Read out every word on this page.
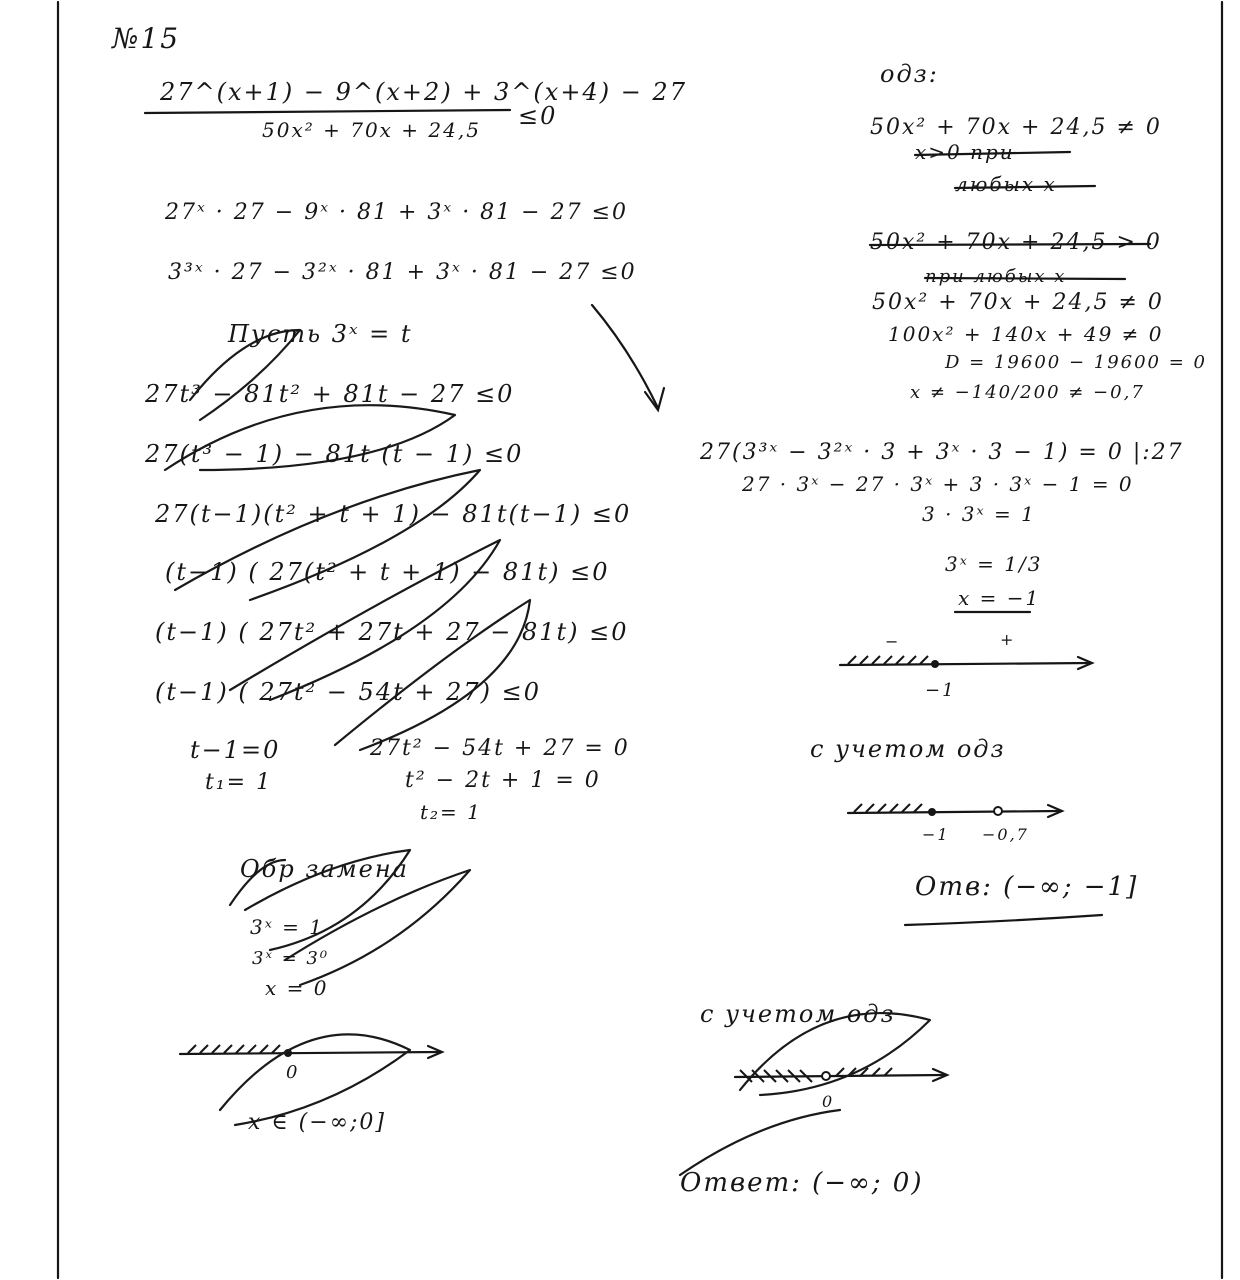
№15
27^(x+1) − 9^(x+2) + 3^(x+4) − 27
50x² + 70x + 24,5 ≤0
27ˣ · 27 − 9ˣ · 81 + 3ˣ · 81 − 27 ≤0
3³ˣ · 27 − 3²ˣ · 81 + 3ˣ · 81 − 27 ≤0
Пусть 3ˣ = t
27t³ − 81t² + 81t − 27 ≤0
27(t³ − 1) − 81t (t − 1) ≤0
27(t−1)(t² + t + 1) − 81t(t−1) ≤0
(t−1) ( 27(t² + t + 1) − 81t) ≤0
(t−1) ( 27t² + 27t + 27 − 81t) ≤0
(t−1) ( 27t² − 54t + 27) ≤0
t−1=0
t₁= 1
27t² − 54t + 27 = 0
t² − 2t + 1 = 0
t₂= 1
Обр замена
3ˣ = 1
3ˣ = 3⁰
x = 0
0
x ∈ (−∞;0]
одз:
50x² + 70x + 24,5 ≠ 0
x>0 при
любых x
50x² + 70x + 24,5 > 0
при любых x
50x² + 70x + 24,5 ≠ 0
100x² + 140x + 49 ≠ 0
D = 19600 − 19600 = 0
x ≠ −140/200 ≠ −0,7
27(3³ˣ − 3²ˣ · 3 + 3ˣ · 3 − 1) = 0 |:27
27 · 3ˣ − 27 · 3ˣ + 3 · 3ˣ − 1 = 0
3 · 3ˣ = 1
3ˣ = 1/3
x = −1
−	+
−1
с учетом одз
−1 −0,7
Отв: (−∞; −1]
с учетом одз
0
Ответ: (−∞; 0)
